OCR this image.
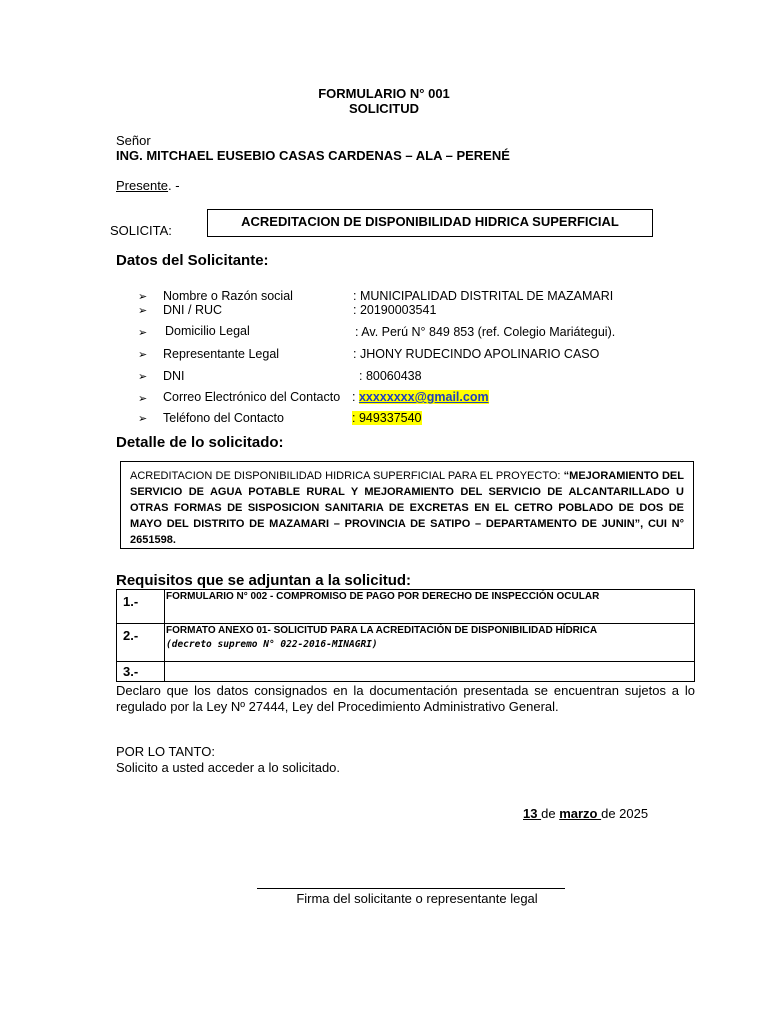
FORMULARIO N° 001
SOLICITUD
Señor
ING. MITCHAEL EUSEBIO CASAS CARDENAS – ALA – PERENÉ
Presente. -
SOLICITA:
ACREDITACION DE DISPONIBILIDAD HIDRICA SUPERFICIAL
Datos del Solicitante:
➢ Nombre o Razón social	: MUNICIPALIDAD DISTRITAL DE MAZAMARI
➢ DNI / RUC	: 20190003541
➢ Domicilio Legal	: Av. Perú N° 849 853 (ref. Colegio Mariátegui).
➢ Representante Legal	: JHONY RUDECINDO APOLINARIO CASO
➢ DNI	: 80060438
➢ Correo Electrónico del Contacto : xxxxxxxx@gmail.com
➢ Teléfono del Contacto	: 949337540
Detalle de lo solicitado:
ACREDITACION DE DISPONIBILIDAD HIDRICA SUPERFICIAL PARA EL PROYECTO: “MEJORAMIENTO DEL SERVICIO DE AGUA POTABLE RURAL Y MEJORAMIENTO DEL SERVICIO DE ALCANTARILLADO U OTRAS FORMAS DE SISPOSICION SANITARIA DE EXCRETAS EN EL CETRO POBLADO DE DOS DE MAYO DEL DISTRITO DE MAZAMARI – PROVINCIA DE SATIPO – DEPARTAMENTO DE JUNIN”, CUI N° 2651598.
Requisitos que se adjuntan a la solicitud:
1.-	FORMULARIO N° 002 - COMPROMISO DE PAGO POR DERECHO DE INSPECCIÓN OCULAR
2.-	FORMATO ANEXO 01- SOLICITUD PARA LA ACREDITACIÓN DE DISPONIBILIDAD HÍDRICA
(decreto supremo N° 022-2016-MINAGRI)

3.-	
Declaro que los datos consignados en la documentación presentada se encuentran sujetos a lo regulado por la Ley Nº 27444, Ley del Procedimiento Administrativo General.
POR LO TANTO:
Solicito a usted acceder a lo solicitado.
13 de marzo de 2025
Firma del solicitante o representante legal
